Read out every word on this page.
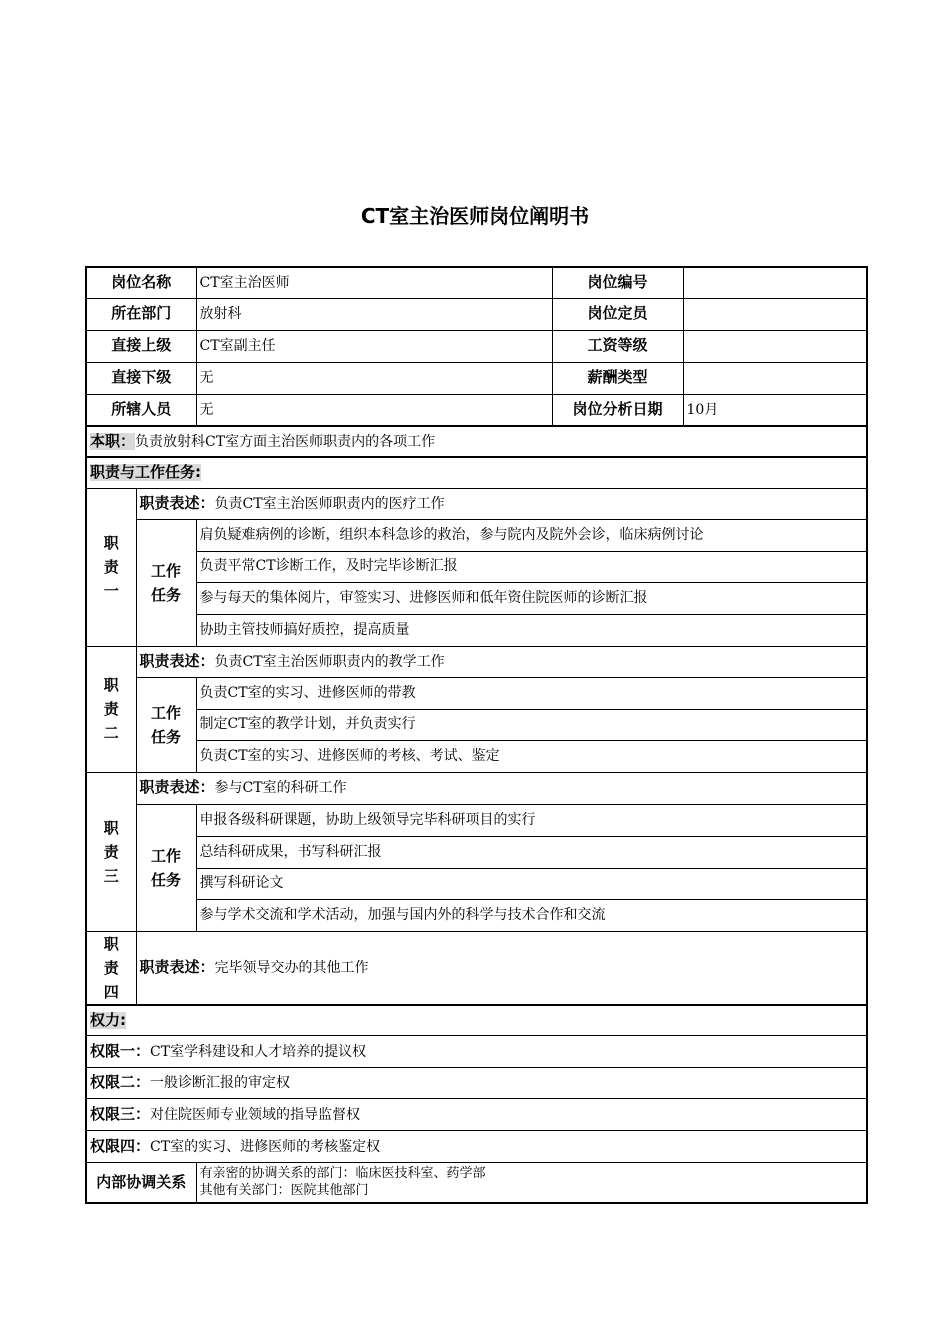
CT室主治医师岗位阐明书
岗位名称		CT室主治医师	岗位编号	
所在部门		放射科	岗位定员	
直接上级		CT室副主任	工资等级	
直接下级		无	薪酬类型	
所辖人员		无	岗位分析日期	10月
本职：负责放射科CT室方面主治医师职责内的各项工作				
职责与工作任务:				

职
责
一	职责表述：负责CT室主治医师职责内的医疗工作			

	工作
任务	肩负疑难病例的诊断，组织本科急诊的救治，参与院内及院外会诊，临床病例讨论		
		负责平常CT诊断工作，及时完毕诊断汇报		
		参与每天的集体阅片，审签实习、进修医师和低年资住院医师的诊断汇报		
		协助主管技师搞好质控，提高质量		

职
责
二	职责表述：负责CT室主治医师职责内的教学工作			

	工作
任务	负责CT室的实习、进修医师的带教		
		制定CT室的教学计划，并负责实行		
		负责CT室的实习、进修医师的考核、考试、鉴定		

职
责
三	职责表述：参与CT室的科研工作			

	工作
任务	申报各级科研课题，协助上级领导完毕科研项目的实行		
		总结科研成果，书写科研汇报		
		撰写科研论文		
		参与学术交流和学术活动，加强与国内外的科学与技术合作和交流		

职
责
四	职责表述：完毕领导交办的其他工作			
权力:				
权限一：CT室学科建设和人才培养的提议权				
权限二：一般诊断汇报的审定权				
权限三：对住院医师专业领域的指导监督权				
权限四：CT室的实习、进修医师的考核鉴定权				
内部协调关系		有亲密的协调关系的部门：临床医技科室、药学部
其他有关部门：医院其他部门		
